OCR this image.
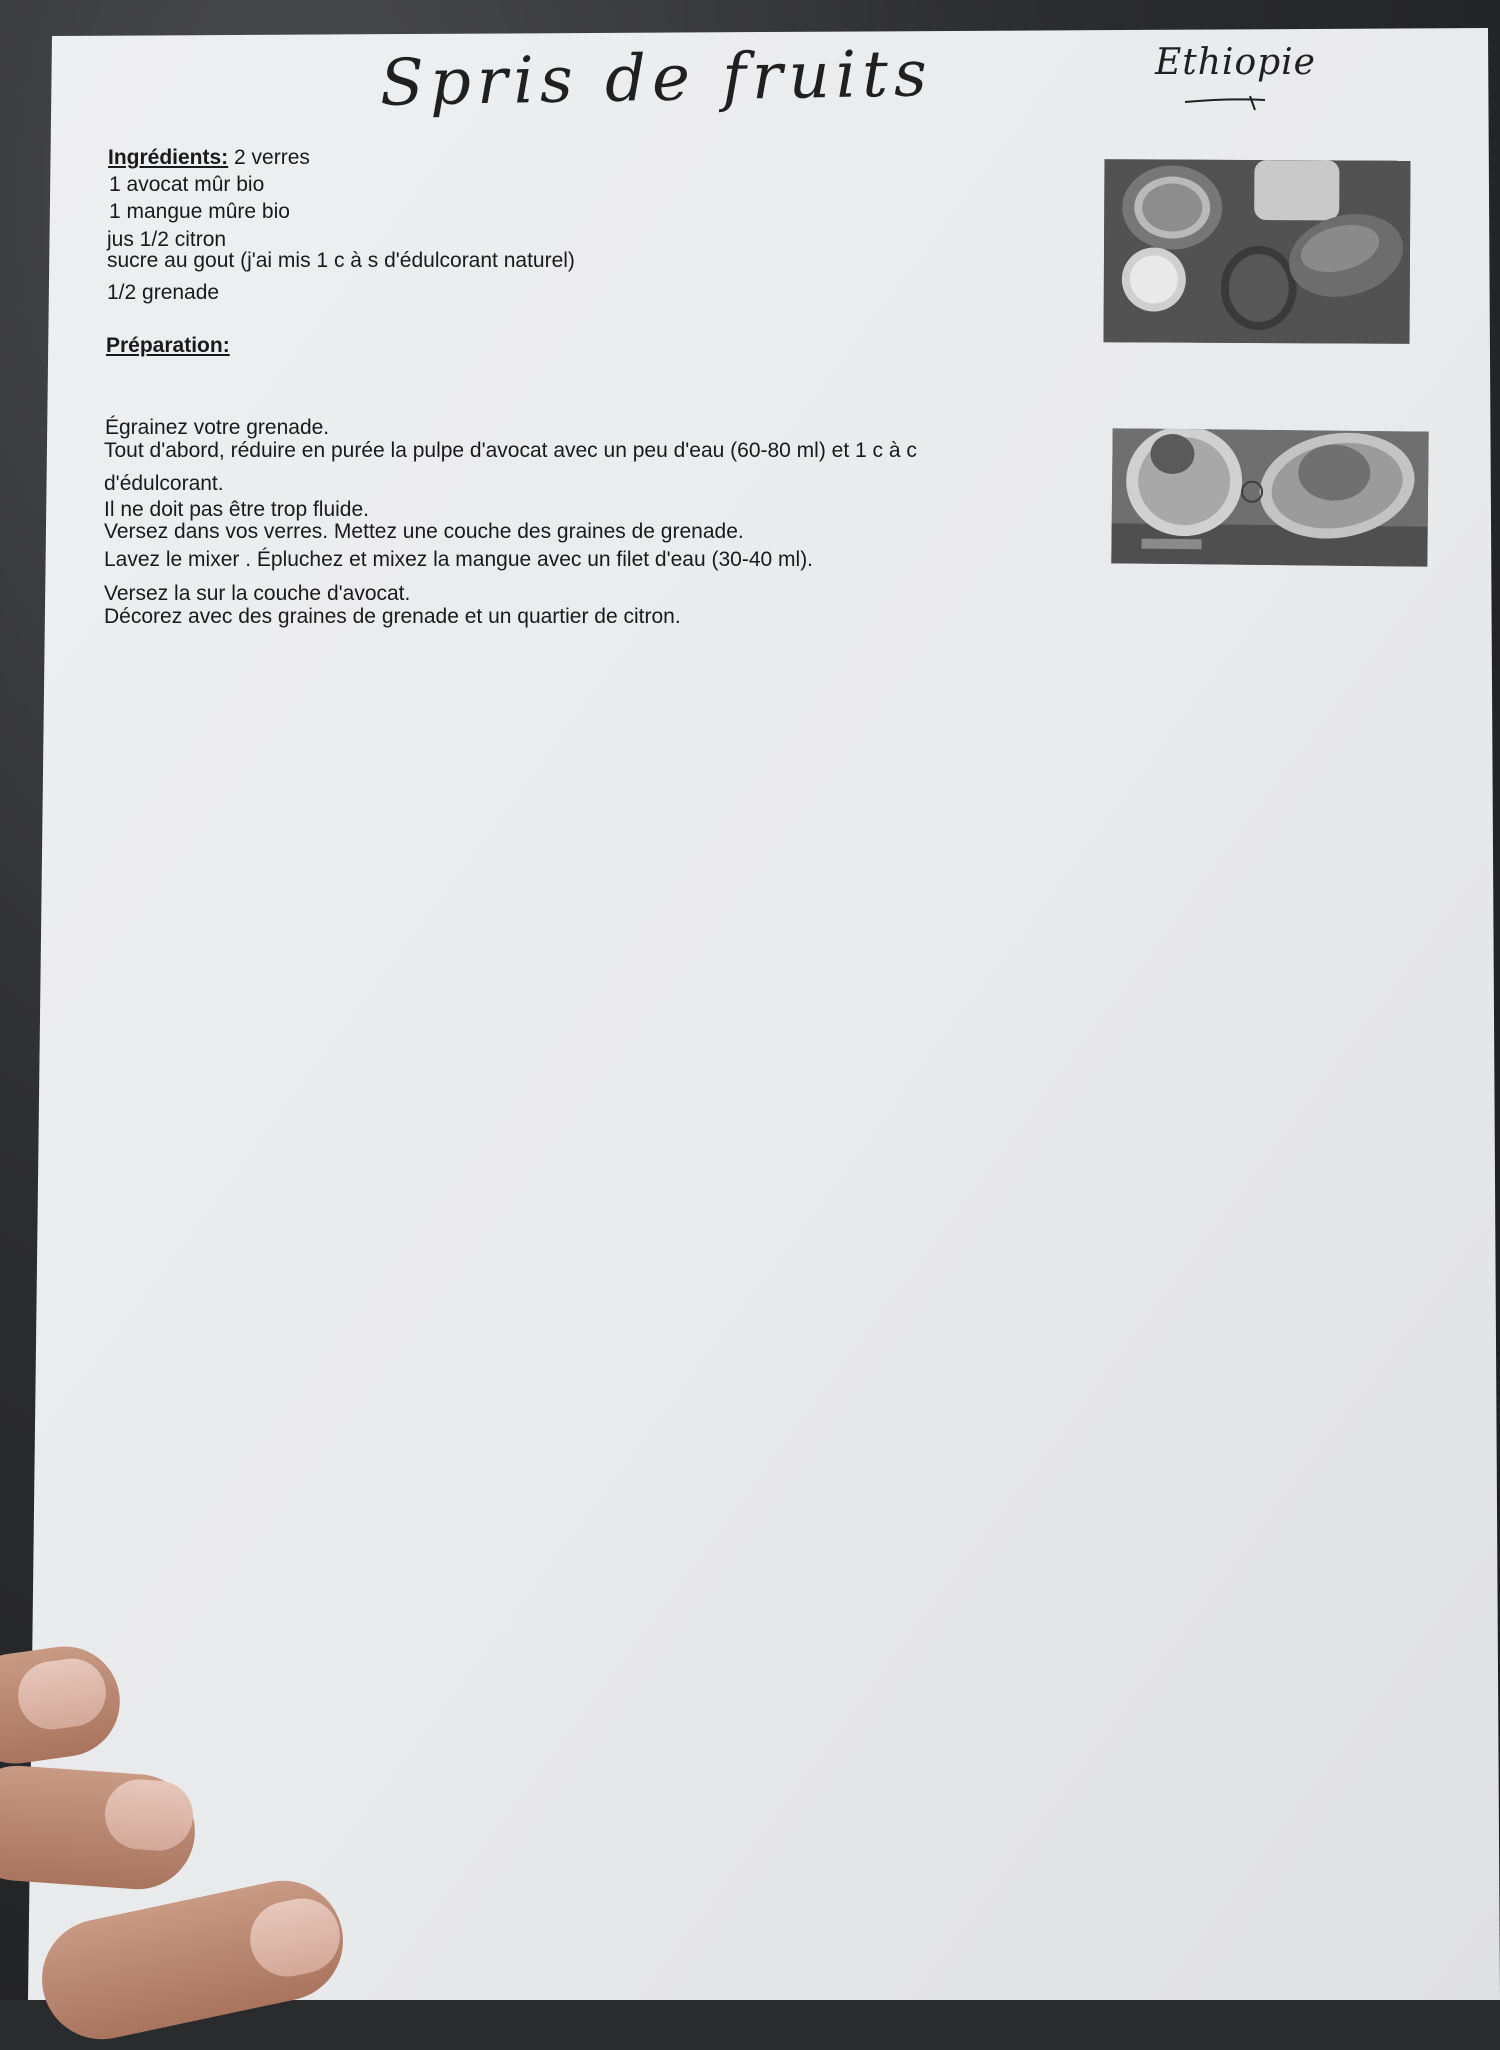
Spris de fruits	Ethiopie
Ingrédients: 2 verres
1 avocat mûr bio
1 mangue mûre bio
jus 1/2 citron
sucre au gout (j'ai mis 1 c à s d'édulcorant naturel)
1/2 grenade
Préparation:
Égrainez votre grenade.
Tout d'abord, réduire en purée la pulpe d'avocat avec un peu d'eau (60-80 ml) et 1 c à c
d'édulcorant.
Il ne doit pas être trop fluide.
Versez dans vos verres. Mettez une couche des graines de grenade.
Lavez le mixer . Épluchez et mixez la mangue avec un filet d'eau (30-40 ml).
Versez la sur la couche d'avocat.
Décorez avec des graines de grenade et un quartier de citron.
